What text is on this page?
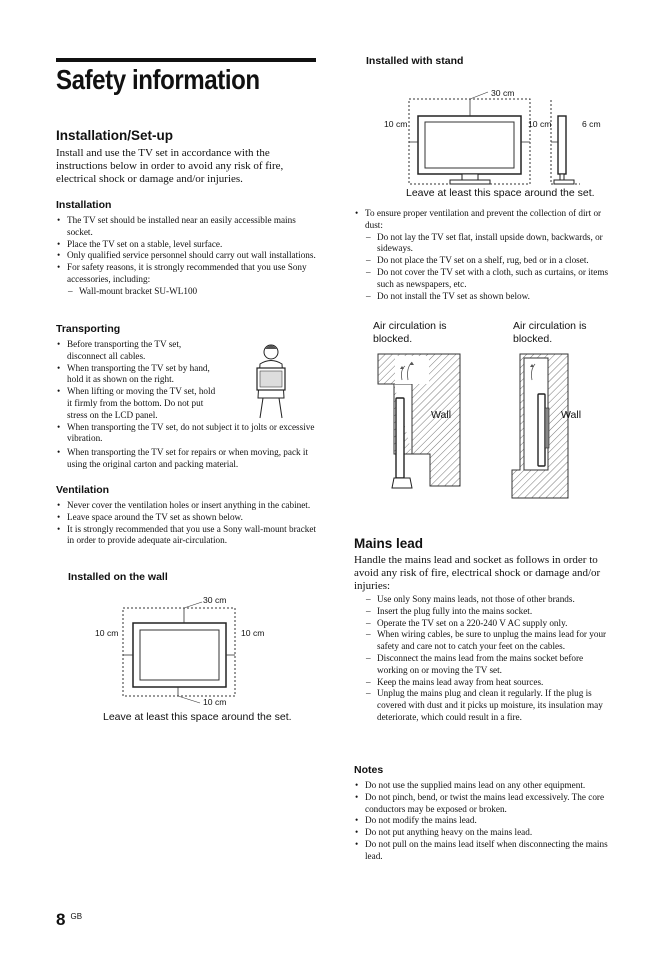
Safety information
Installation/Set-up

Install and use the TV set in accordance with the instructions below in order to avoid any risk of fire, electrical shock or damage and/or injuries.

Installation
• The TV set should be installed near an easily accessible mains socket.
• Place the TV set on a stable, level surface.
• Only qualified service personnel should carry out wall installations.
• For safety reasons, it is strongly recommended that you use Sony accessories, including:
– Wall-mount bracket SU-WL100
Transporting
• Before transporting the TV set, disconnect all cables.
• When transporting the TV set by hand, hold it as shown on the right.
• When lifting or moving the TV set, hold it firmly from the bottom. Do not put stress on the LCD panel.
• When transporting the TV set, do not subject it to jolts or excessive vibration.
• When transporting the TV set for repairs or when moving, pack it using the original carton and packing material.
Ventilation
• Never cover the ventilation holes or insert anything in the cabinet.
• Leave space around the TV set as shown below.
• It is strongly recommended that you use a Sony wall-mount bracket in order to provide adequate air-circulation.
Installed on the wall
30 cm
10 cm	10 cm
10 cm
Leave at least this space around the set.
Installed with stand
30 cm
10 cm	10 cm	6 cm
Leave at least this space around the set.
• To ensure proper ventilation and prevent the collection of dirt or dust:
– Do not lay the TV set flat, install upside down, backwards, or sideways.
– Do not place the TV set on a shelf, rug, bed or in a closet.
– Do not cover the TV set with a cloth, such as curtains, or items such as newspapers, etc.
– Do not install the TV set as shown below.
Air circulation is blocked.
Air circulation is blocked.
Wall	Wall
Mains lead

Handle the mains lead and socket as follows in order to avoid any risk of fire, electrical shock or damage and/or injuries:

– Use only Sony mains leads, not those of other brands.
– Insert the plug fully into the mains socket.
– Operate the TV set on a 220-240 V AC supply only.
– When wiring cables, be sure to unplug the mains lead for your safety and care not to catch your feet on the cables.
– Disconnect the mains lead from the mains socket before working on or moving the TV set.
– Keep the mains lead away from heat sources.
– Unplug the mains plug and clean it regularly. If the plug is covered with dust and it picks up moisture, its insulation may deteriorate, which could result in a fire.
Notes
• Do not use the supplied mains lead on any other equipment.
• Do not pinch, bend, or twist the mains lead excessively. The core conductors may be exposed or broken.
• Do not modify the mains lead.
• Do not put anything heavy on the mains lead.
• Do not pull on the mains lead itself when disconnecting the mains lead.
8 $^{GB}$
